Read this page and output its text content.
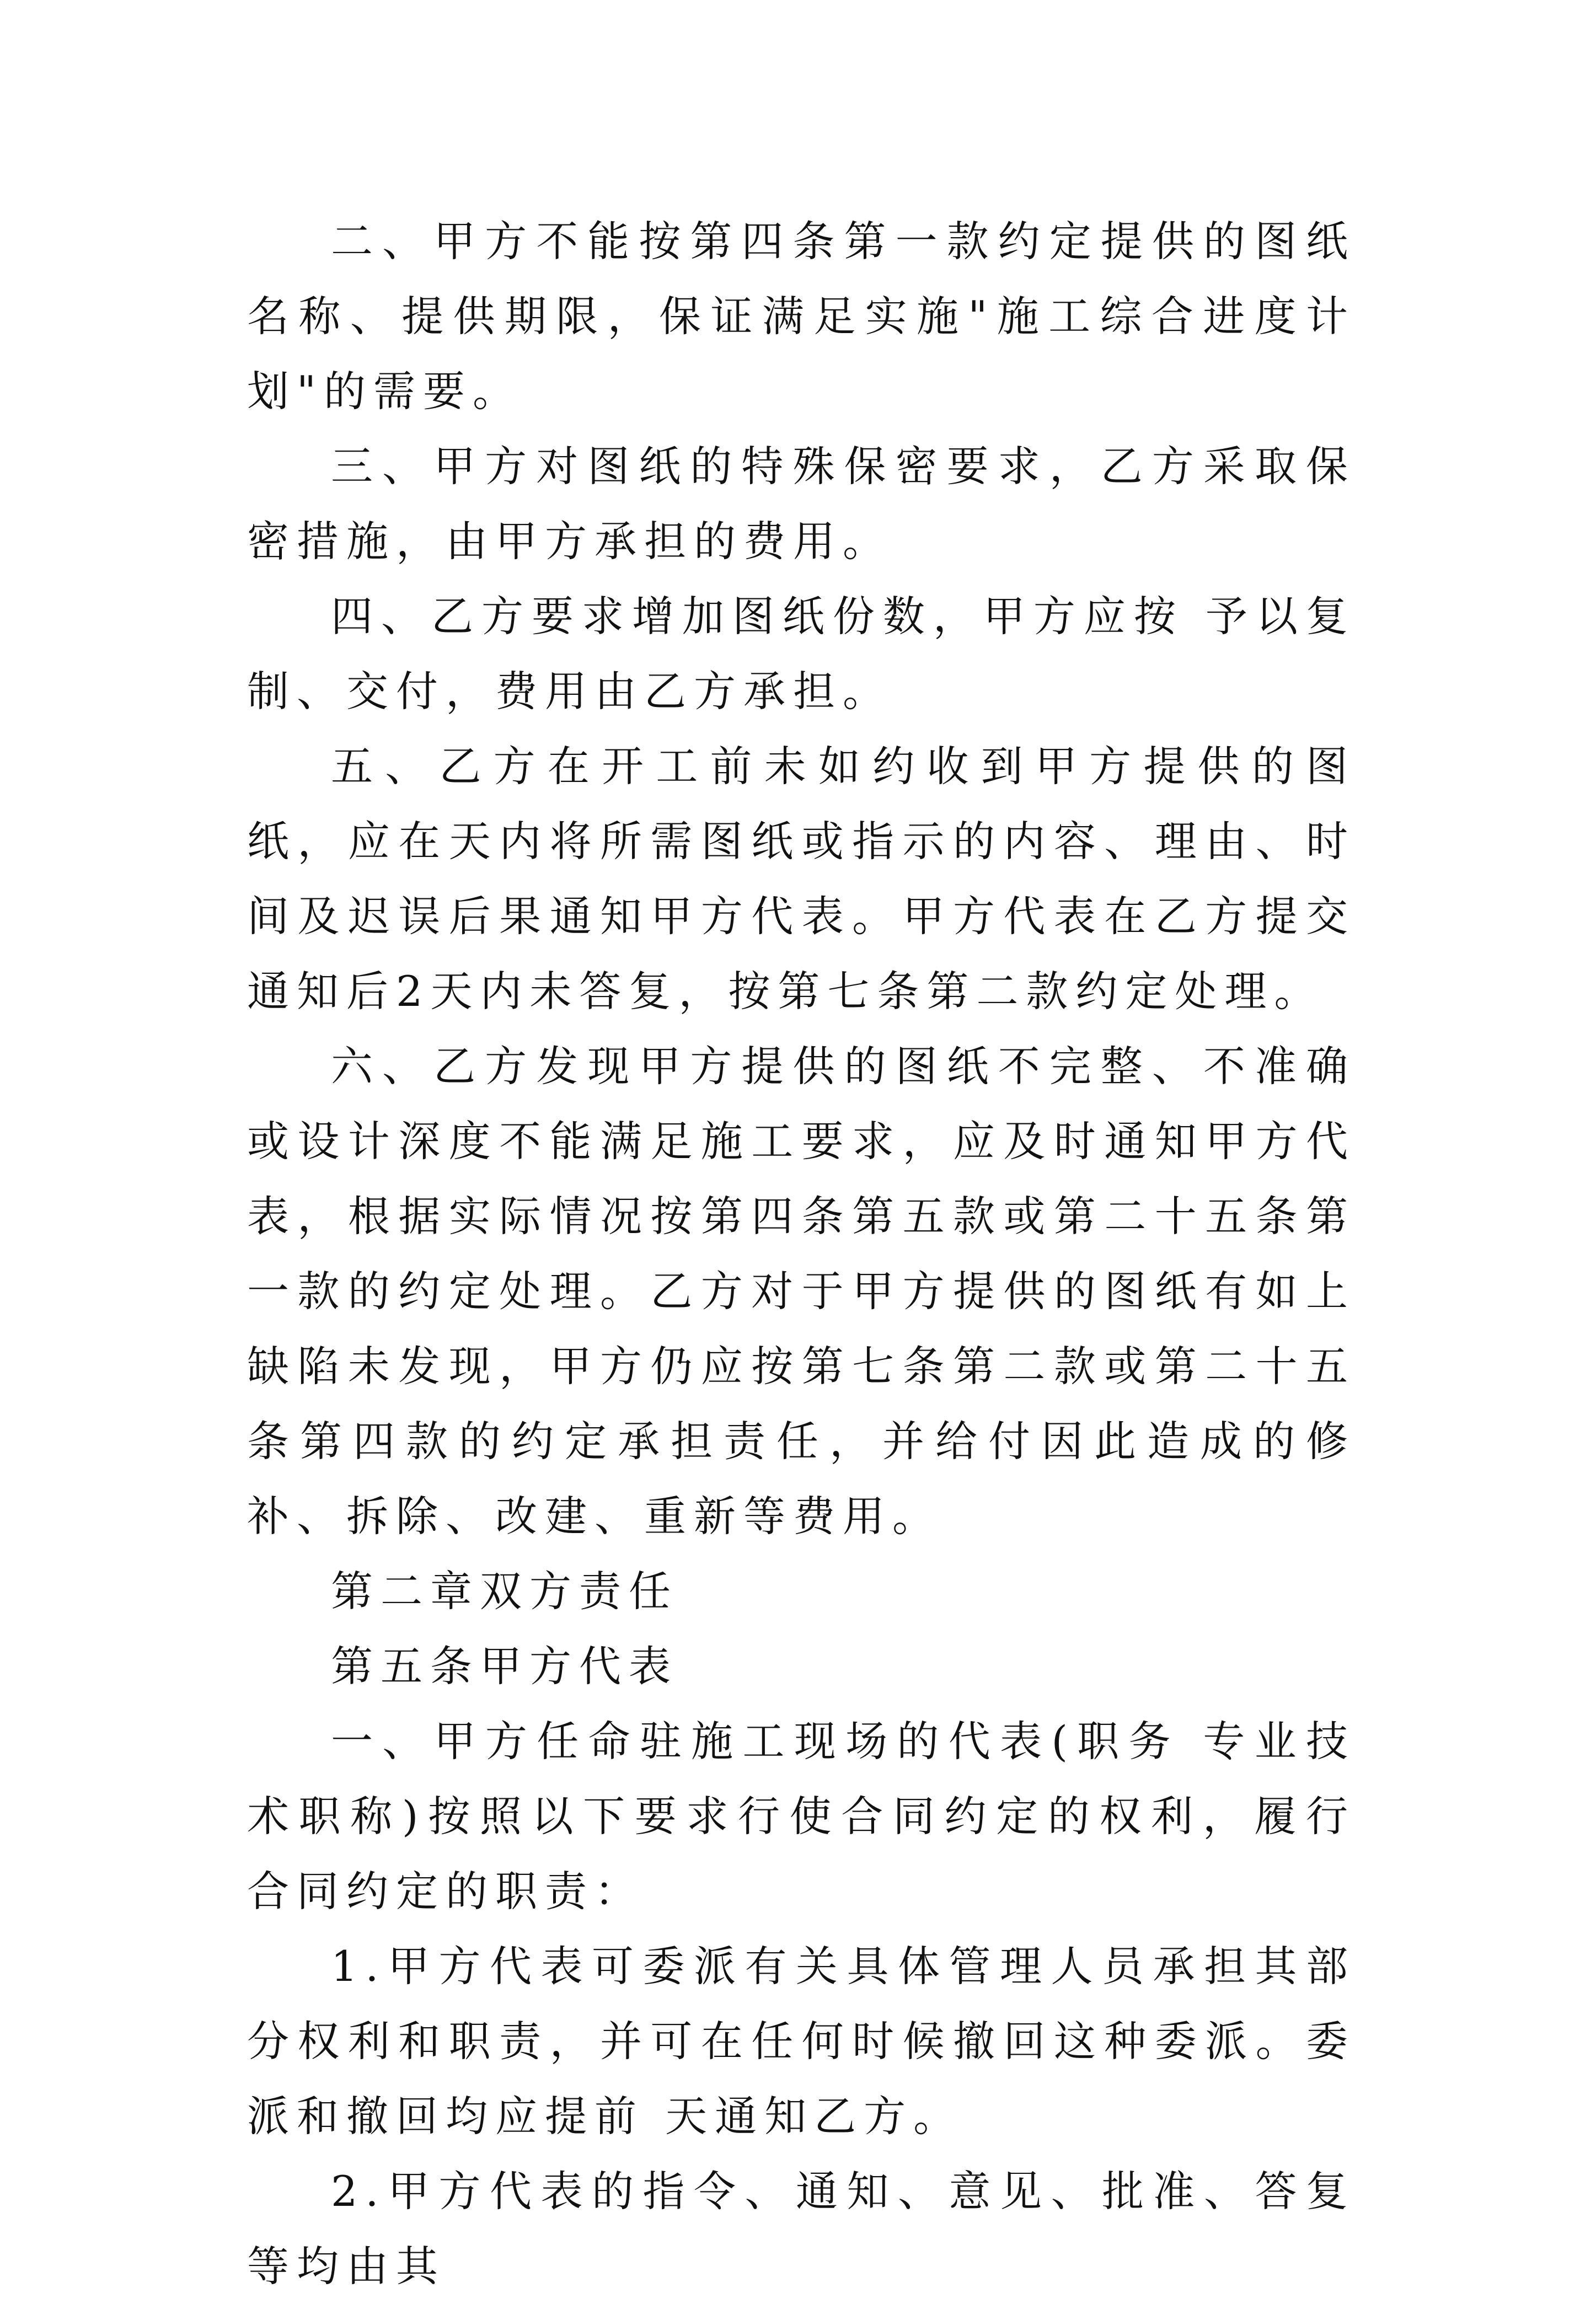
二、甲方不能按第四条第一款约定提供的图纸名称、提供期限，保证满足实施"施工综合进度计划"的需要。

三、甲方对图纸的特殊保密要求，乙方采取保密措施，由甲方承担的费用。

四、乙方要求增加图纸份数，甲方应按 予以复制、交付，费用由乙方承担。

五、乙方在开工前未如约收到甲方提供的图纸，应在天内将所需图纸或指示的内容、理由、时间及迟误后果通知甲方代表。甲方代表在乙方提交通知后2天内未答复，按第七条第二款约定处理。

六、乙方发现甲方提供的图纸不完整、不准确或设计深度不能满足施工要求，应及时通知甲方代表，根据实际情况按第四条第五款或第二十五条第一款的约定处理。乙方对于甲方提供的图纸有如上缺陷未发现，甲方仍应按第七条第二款或第二十五条第四款的约定承担责任，并给付因此造成的修补、拆除、改建、重新等费用。

第二章双方责任

第五条甲方代表

一、甲方任命驻施工现场的代表(职务 专业技术职称)按照以下要求行使合同约定的权利，履行合同约定的职责：

1.甲方代表可委派有关具体管理人员承担其部分权利和职责，并可在任何时候撤回这种委派。委派和撤回均应提前 天通知乙方。

2.甲方代表的指令、通知、意见、批准、答复等均由其
